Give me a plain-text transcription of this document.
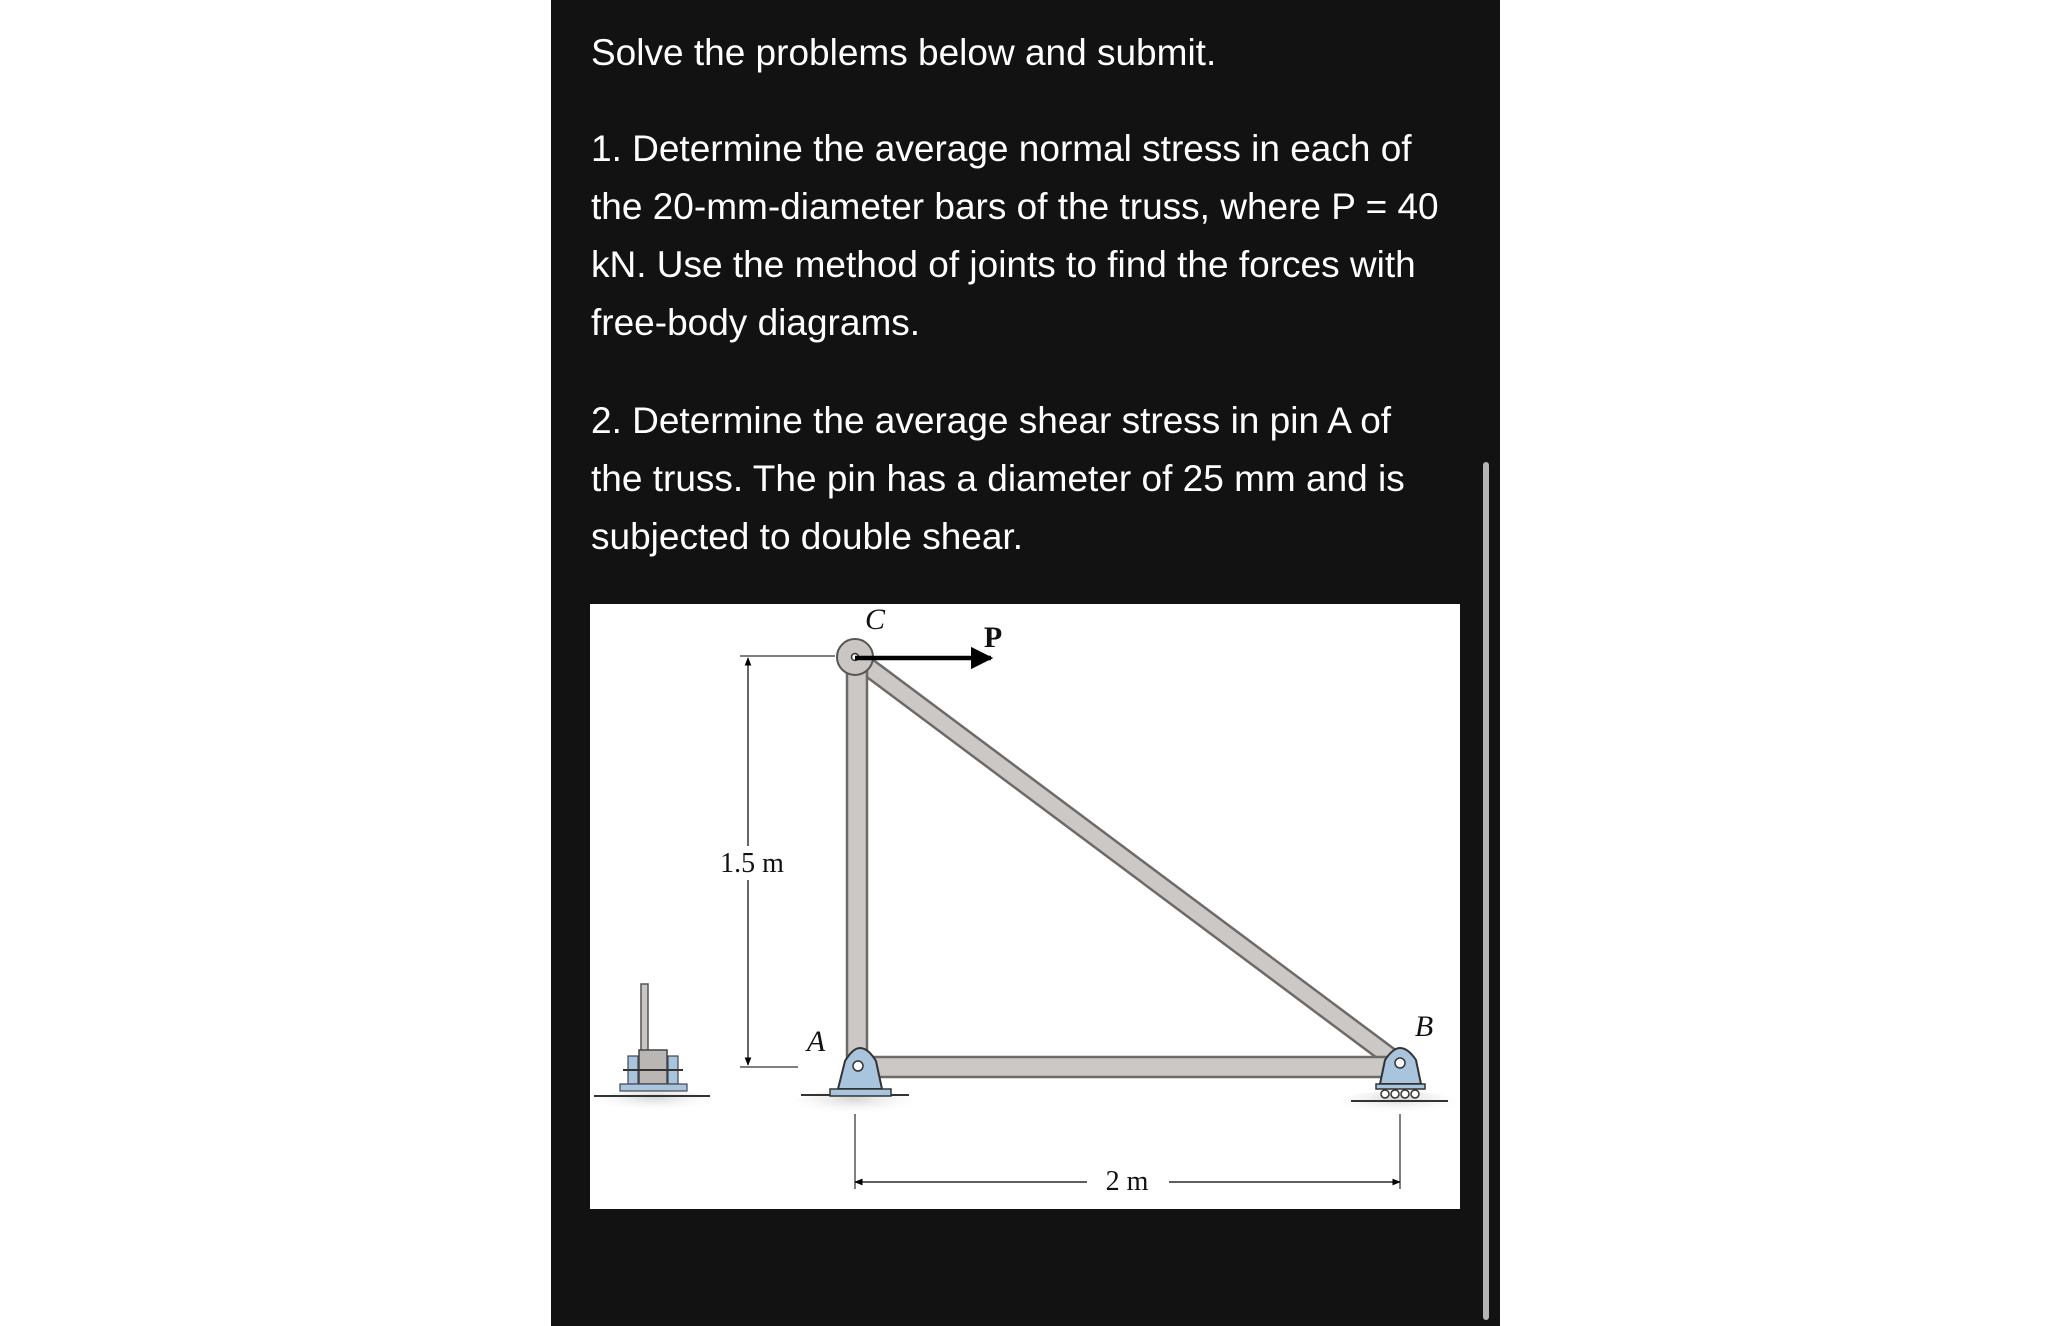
Solve the problems below and submit.

1. Determine the average normal stress in each of the 20-mm-diameter bars of the truss, where P = 40 kN. Use the method of joints to find the forces with free-body diagrams.

2. Determine the average shear stress in pin A of the truss. The pin has a diameter of 25 mm and is subjected to double shear.

1.5 m
2 m
C
P
A	B
